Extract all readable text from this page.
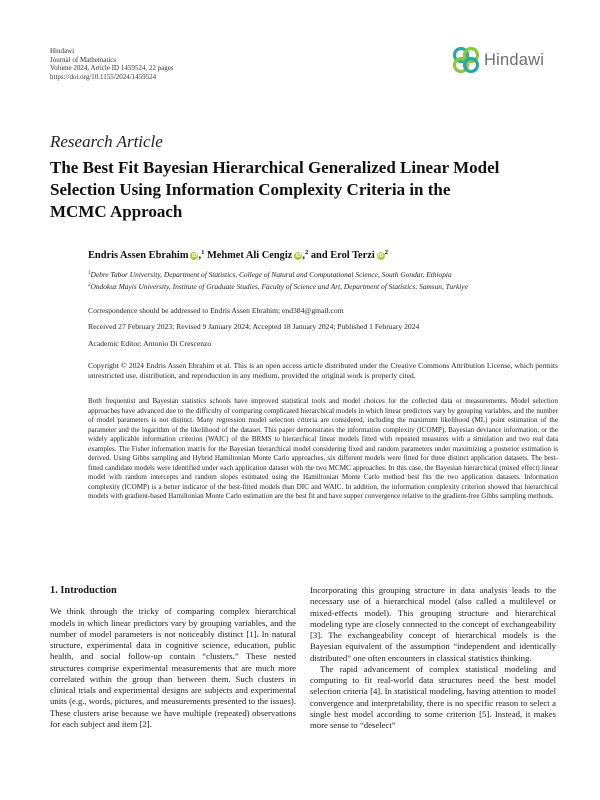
Hindawi
Journal of Mathematics
Volume 2024, Article ID 1459524, 22 pages
https://doi.org/10.1155/2024/1459524
Hindawi
Research Article
The Best Fit Bayesian Hierarchical Generalized Linear Model
Selection Using Information Complexity Criteria in the
MCMC Approach
Endris Assen Ebrahim iD,$^1$ Mehmet Ali Cengiz iD,$^2$ and Erol Terzi $iD^2$
$^1$Debre Tabor University, Department of Statistics, College of Natural and Computational Science, South Gondar, Ethiopia
$^2$Ondokuz Mayis University, Institute of Graduate Studies, Faculty of Science and Art, Department of Statistics, Samsun, Turkiye
Correspondence should be addressed to Endris Assen Ebrahim; end384@gmail.com
Received 27 February 2023; Revised 9 January 2024; Accepted 18 January 2024; Published 1 February 2024
Academic Editor: Antonio Di Crescenzo

Copyright © 2024 Endris Assen Ebrahim et al. This is an open access article distributed under the Creative Commons Attribution License, which permits unrestricted use, distribution, and reproduction in any medium, provided the original work is properly cited.

Both frequentist and Bayesian statistics schools have improved statistical tools and model choices for the collected data or measurements. Model selection approaches have advanced due to the difficulty of comparing complicated hierarchical models in which linear predictors vary by grouping variables, and the number of model parameters is not distinct. Many regression model selection criteria are considered, including the maximum likelihood (ML) point estimation of the parameter and the logarithm of the likelihood of the dataset. This paper demonstrates the information complexity (ICOMP), Bayesian deviance information, or the widely applicable information criterion (WAIC) of the BRMS to hierarchical linear models fitted with repeated measures with a simulation and two real data examples. The Fisher information matrix for the Bayesian hierarchical model considering fixed and random parameters under maximizing a posterior estimation is derived. Using Gibbs sampling and Hybrid Hamiltonian Monte Carlo approaches, six different models were fitted for three distinct application datasets. The best-fitted candidate models were identified under each application dataset with the two MCMC approaches. In this case, the Bayesian hierarchical (mixed effect) linear model with random intercepts and random slopes estimated using the Hamiltonian Monte Carlo method best fits the two application datasets. Information complexity (ICOMP) is a better indicator of the best-fitted models than DIC and WAIC. In addition, the information complexity criterion showed that hierarchical models with gradient-based Hamiltonian Monte Carlo estimation are the best fit and have supper convergence relative to the gradient-free Gibbs sampling methods.

1. Introduction

We think through the tricky of comparing complex hierarchical models in which linear predictors vary by grouping variables, and the number of model parameters is not noticeably distinct [1]. In natural structure, experimental data in cognitive science, education, public health, and social follow-up contain “clusters.” These nested structures comprise experimental measurements that are much more correlated within the group than between them. Such clusters in clinical trials and experimental designs are subjects and experimental units (e.g., words, pictures, and measurements presented to the issues). These clusters arise because we have multiple (repeated) observations for each subject and item [2].

Incorporating this grouping structure in data analysis leads to the necessary use of a hierarchical model (also called a multilevel or mixed-effects model). This grouping structure and hierarchical modeling type are closely connected to the concept of exchangeability [3]. The exchangeability concept of hierarchical models is the Bayesian equivalent of the assumption “independent and identically distributed” one often encounters in classical statistics thinking.

The rapid advancement of complex statistical modeling and computing to fit real-world data structures need the best model selection criteria [4]. In statistical modeling, having attention to model convergence and interpretability, there is no specific reason to select a single best model according to some criterion [5]. Instead, it makes more sense to “deselect”
